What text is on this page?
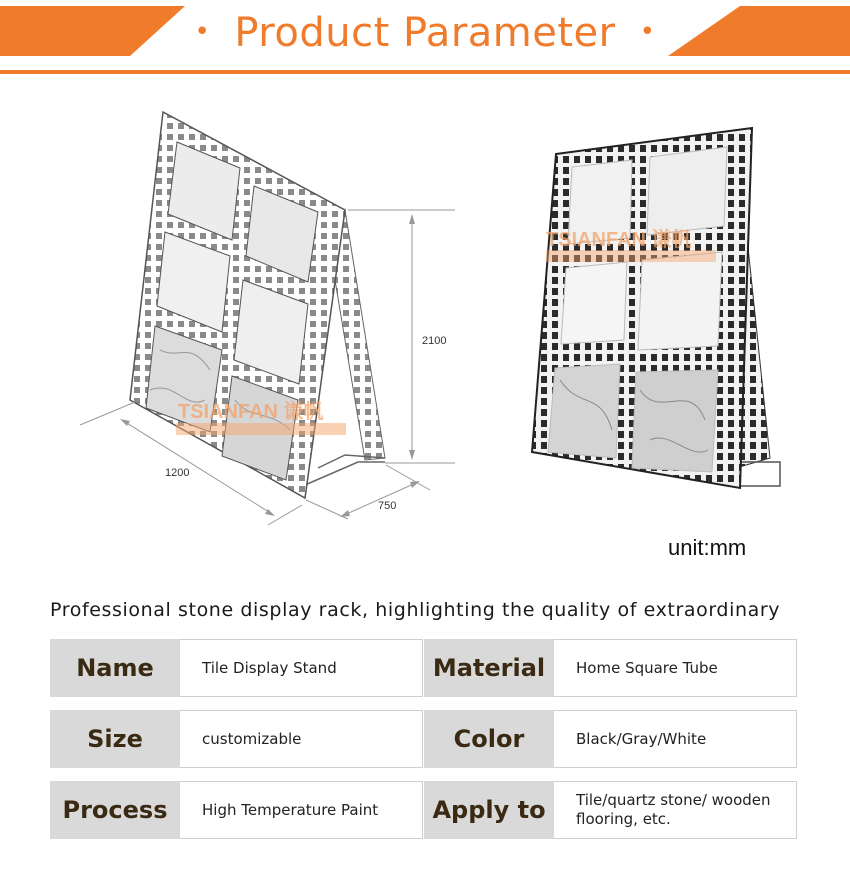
• Product Parameter •
TSIANFAN 谦帆
2100
1200
750
TSIANFAN 谦帆
unit:mm
Professional stone display rack, highlighting the quality of extraordinary
Name	Tile Display Stand	Material	Home Square Tube
Size	customizable	Color	Black/Gray/White
Process	High Temperature Paint	Apply to	Tile/quartz stone/ wooden flooring, etc.
